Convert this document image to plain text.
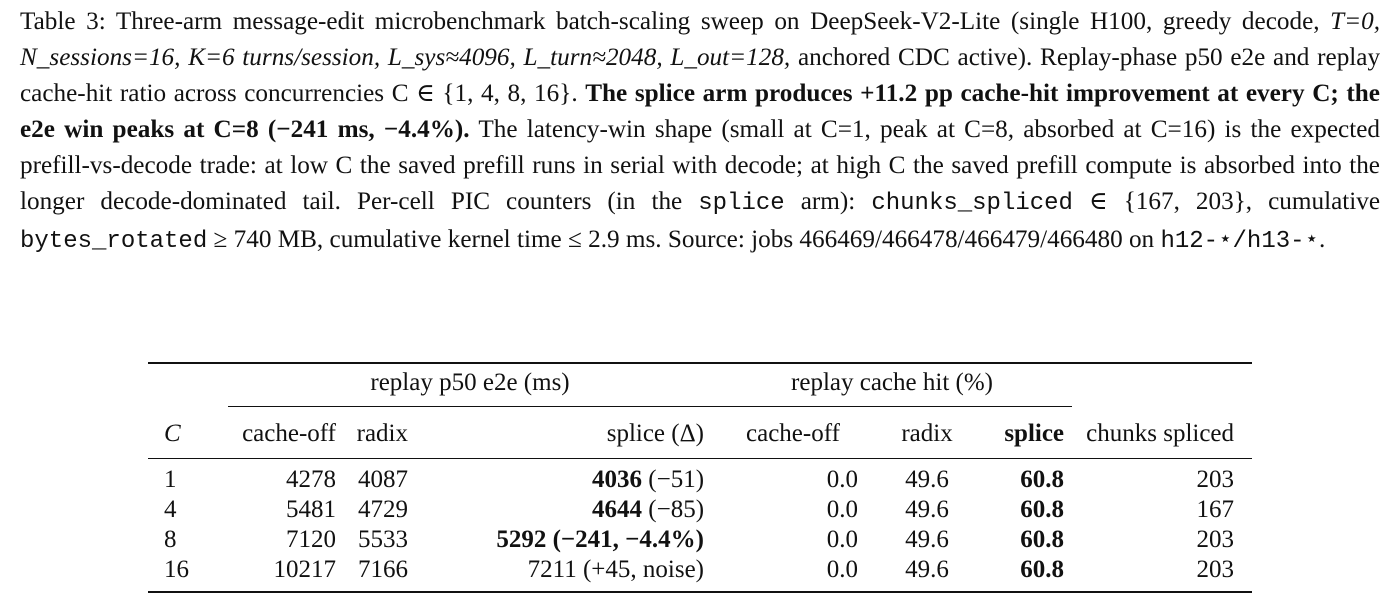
Table 3: Three-arm message-edit microbenchmark batch-scaling sweep on DeepSeek-V2-Lite (single H100, greedy decode, T=0, N_sessions=16, K=6 turns/session, L_sys≈4096, L_turn≈2048, L_out=128, anchored CDC active). Replay-phase p50 e2e and replay cache-hit ratio across concurrencies C ∈ {1, 4, 8, 16}. The splice arm produces +11.2 pp cache-hit improvement at every C; the e2e win peaks at C=8 (−241 ms, −4.4%). The latency-win shape (small at C=1, peak at C=8, absorbed at C=16) is the expected prefill-vs-decode trade: at low C the saved prefill runs in serial with decode; at high C the saved prefill compute is absorbed into the longer decode-dominated tail. Per-cell PIC counters (in the splice arm): chunks_spliced ∈ {167, 203}, cumulative bytes_rotated ≥ 740 MB, cumulative kernel time ≤ 2.9 ms. Source: jobs 466469/466478/466479/466480 on h12-⋆/h13-⋆.

	replay p50 e2e (ms)				replay cache hit (%)			

C	cache-off	radix	splice (Δ)		cache-off	radix	splice	chunks spliced
1	4278	4087	4036 (−51)		0.0	49.6	60.8	203
4	5481	4729	4644 (−85)		0.0	49.6	60.8	167
8	7120	5533	5292 (−241, −4.4%)		0.0	49.6	60.8	203
16	10217	7166	7211 (+45, noise)		0.0	49.6	60.8	203
